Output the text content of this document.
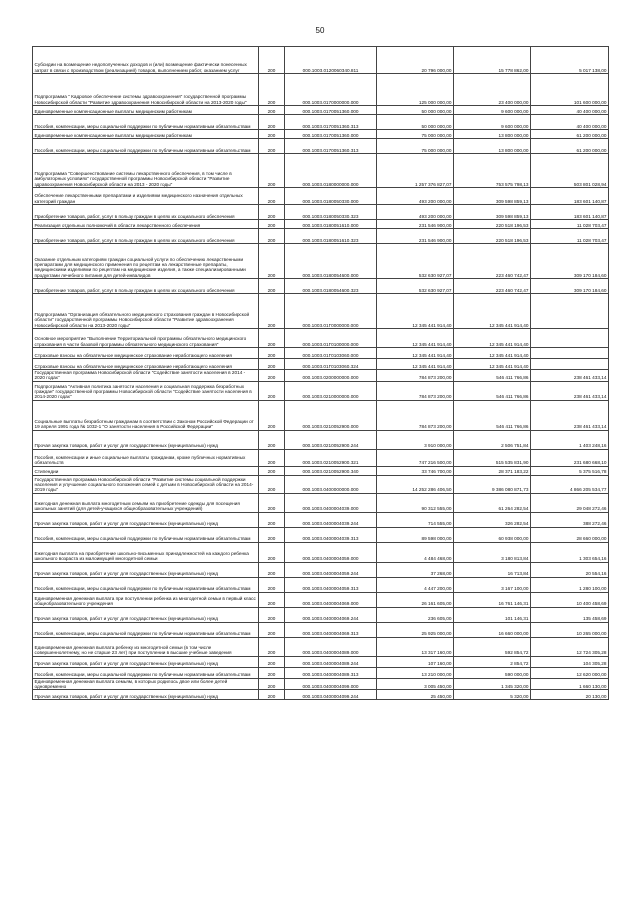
50
Субсидии на возмещение недополученных доходов и (или) возмещение фактически понесенных затрат в связи с производством (реализацией) товаров, выполнением работ, оказанием услуг	200	000.1003.0120060340.811	20 796 000,00	15 778 862,00	5 017 138,00
Подпрограмма " Кадровое обеспечение системы здравоохранения" государственной программы Новосибирской области "Развитие здравоохранения Новосибирской области на 2013-2020 годы"	200	000.1003.0170000000.000	125 000 000,00	23 400 000,00	101 600 000,00
Единовременные компенсационные выплаты медицинским работникам	200	000.1003.0170051360.000	50 000 000,00	9 600 000,00	40 400 000,00
Пособия, компенсации, меры социальной поддержки по публичным нормативным обязательствам	200	000.1003.0170051360.313	50 000 000,00	9 600 000,00	40 400 000,00
Единовременные компенсационные выплаты медицинским работникам	200	000.1003.0170051360.000	75 000 000,00	13 800 000,00	61 200 000,00
Пособия, компенсации, меры социальной поддержки по публичным нормативным обязательствам	200	000.1003.0170051360.313	75 000 000,00	13 800 000,00	61 200 000,00
Подпрограмма "Совершенствование системы лекарственного обеспечения, в том числе в амбулаторных условиях" государственной программы Новосибирской области "Развитие здравоохранения Новосибирской области на 2013 - 2020 годы"	200	000.1003.0180000000.000	1 257 376 827,07	753 575 798,13	503 801 028,94
Обеспечение лекарственными препаратами и изделиями медицинского назначения отдельных категорий граждан	200	000.1003.0180050330.000	493 200 000,00	309 598 859,13	183 601 140,87
Приобретение товаров, работ, услуг в пользу граждан в целях их социального обеспечения	200	000.1003.0180050330.323	493 200 000,00	309 598 859,13	183 601 140,87
Реализация отдельных полномочий в области лекарственного обеспечения	200	000.1003.0180051610.000	231 546 900,00	220 518 196,53	11 028 703,47
Приобретение товаров, работ, услуг в пользу граждан в целях их социального обеспечения	200	000.1003.0180051610.323	231 546 900,00	220 518 196,53	11 028 703,47
Оказание отдельным категориям граждан социальной услуги по обеспечению лекарственными препаратами для медицинского применения по рецептам на лекарственные препараты, медицинскими изделиями по рецептам на медицинские изделия, а также специализированными продуктами лечебного питания для детей-инвалидов	200	000.1003.0180054600.000	532 630 927,07	223 460 742,47	309 170 184,60
Приобретение товаров, работ, услуг в пользу граждан в целях их социального обеспечения	200	000.1003.0180054600.323	532 630 927,07	223 460 742,47	309 170 184,60
Подпрограмма "Организация обязательного медицинского страхования граждан в Новосибирской области" государственной программы Новосибирской области "Развитие здравоохранения Новосибирской области на 2013-2020 годы"	200	000.1003.01Г0000000.000	12 345 441 914,40	12 345 441 914,40	
Основное мероприятие "Выполнение Территориальной программы обязательного медицинского страхования в части базовой программы обязательного медицинского страхования"	200	000.1003.01Г0100000.000	12 345 441 914,40	12 345 441 914,40	
Страховые взносы на обязательное медицинское страхование неработающего населения	200	000.1003.01Г0103060.000	12 345 441 914,40	12 345 441 914,40	
Страховые взносы на обязательное медицинское страхование неработающего населения	200	000.1003.01Г0103060.324	12 345 441 914,40	12 345 441 914,40	
Государственная программа Новосибирской области "Содействие занятости населения в 2014 - 2020 годах"	200	000.1003.0200000000.000	784 873 200,00	546 411 766,86	238 461 433,14
Подпрограмма "Активная политика занятости населения и социальная поддержка безработных граждан" государственной программы Новосибирской области "Содействие занятости населения в 2014-2020 годах"	200	000.1003.0210000000.000	784 873 200,00	546 411 766,86	238 461 433,14
Социальные выплаты безработным гражданам в соответствии с Законом Российской Федерации от 19 апреля 1991 года № 1032-1 "О занятости населения в Российской Федерации"	200	000.1003.0210052900.000	784 873 200,00	546 411 766,86	238 461 433,14
Прочая закупка товаров, работ и услуг для государственных (муниципальных) нужд	200	000.1003.0210052900.244	3 910 000,00	2 506 751,84	1 403 248,16
Пособия, компенсации и иные социальные выплаты гражданам, кроме публичных нормативных обязательств	200	000.1003.0210052900.321	747 216 500,00	515 535 831,90	231 680 668,10
Стипендии	200	000.1003.0210052900.340	33 746 700,00	28 371 183,22	5 375 516,78
Государственная программа Новосибирской области "Развитие системы социальной поддержки населения и улучшение социального положения семей с детьми в Новосибирской области на 2014-2019 годы"	200	000.1003.0400000000.000	14 252 286 406,50	9 386 080 871,73	4 866 205 534,77
Ежегодная денежная выплата многодетным семьям на приобретение одежды для посещения школьных занятий (для детей-учащихся общеобразовательных учреждений)	200	000.1003.0400004039.000	90 312 555,00	61 264 282,54	29 048 272,46
Прочая закупка товаров, работ и услуг для государственных (муниципальных) нужд	200	000.1003.0400004039.244	714 555,00	326 282,54	388 272,46
Пособия, компенсации, меры социальной поддержки по публичным нормативным обязательствам	200	000.1003.0400004039.313	89 598 000,00	60 938 000,00	28 660 000,00
Ежегодная выплата на приобретение школьно-письменных принадлежностей на каждого ребенка школьного возраста из малоимущей многодетной семьи	200	000.1003.0400004059.000	4 484 468,00	3 180 813,84	1 303 654,16
Прочая закупка товаров, работ и услуг для государственных (муниципальных) нужд	200	000.1003.0400004059.244	37 268,00	16 713,84	20 554,16
Пособия, компенсации, меры социальной поддержки по публичным нормативным обязательствам	200	000.1003.0400004059.313	4 447 200,00	3 167 100,00	1 280 100,00
Единовременная денежная выплата при поступлении ребенка из многодетной семьи в первый класс общеобразовательного учреждения	200	000.1003.0400004069.000	26 161 605,00	16 761 146,31	10 400 458,69
Прочая закупка товаров, работ и услуг для государственных (муниципальных) нужд	200	000.1003.0400004069.244	236 605,00	101 146,31	135 458,69
Пособия, компенсации, меры социальной поддержки по публичным нормативным обязательствам	200	000.1003.0400004069.313	25 925 000,00	16 660 000,00	10 265 000,00
Единовременная денежная выплата ребенку из многодетной семьи (в том числе совершеннолетнему, но не старше 23 лет) при поступлении в высшие учебные заведения	200	000.1003.0400004089.000	13 317 160,00	592 854,72	12 724 305,28
Прочая закупка товаров, работ и услуг для государственных (муниципальных) нужд	200	000.1003.0400004089.244	107 160,00	2 854,72	104 305,28
Пособия, компенсации, меры социальной поддержки по публичным нормативным обязательствам	200	000.1003.0400004089.313	13 210 000,00	590 000,00	12 620 000,00
Единовременная денежная выплата семьям, в которых родилось двое или более детей одновременно	200	000.1003.0400004099.000	3 005 450,00	1 345 320,00	1 660 130,00
Прочая закупка товаров, работ и услуг для государственных (муниципальных) нужд	200	000.1003.0400004099.244	25 450,00	5 320,00	20 130,00
